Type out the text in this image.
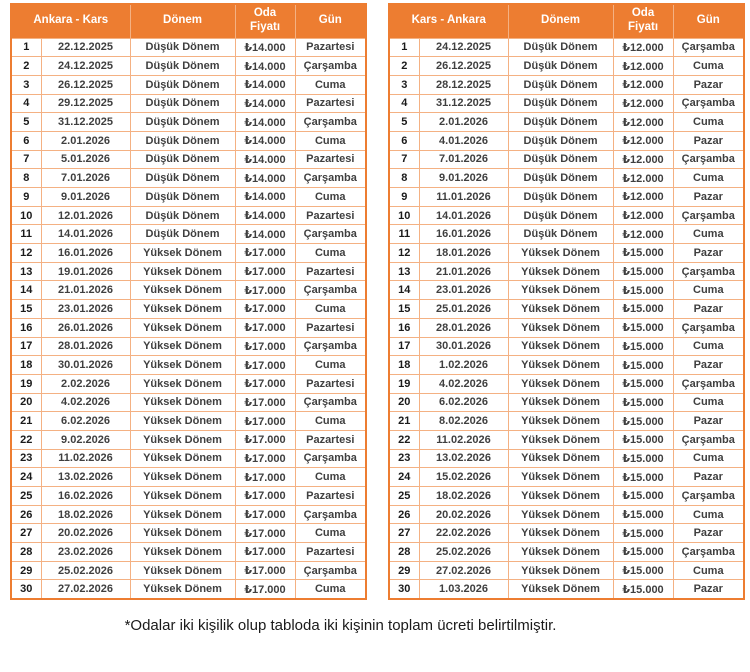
Ankara - Kars		Dönem	Oda Fiyatı	Gün
1	22.12.2025	Düşük Dönem	₺14.000	Pazartesi
2	24.12.2025	Düşük Dönem	₺14.000	Çarşamba
3	26.12.2025	Düşük Dönem	₺14.000	Cuma
4	29.12.2025	Düşük Dönem	₺14.000	Pazartesi
5	31.12.2025	Düşük Dönem	₺14.000	Çarşamba
6	2.01.2026	Düşük Dönem	₺14.000	Cuma
7	5.01.2026	Düşük Dönem	₺14.000	Pazartesi
8	7.01.2026	Düşük Dönem	₺14.000	Çarşamba
9	9.01.2026	Düşük Dönem	₺14.000	Cuma
10	12.01.2026	Düşük Dönem	₺14.000	Pazartesi
11	14.01.2026	Düşük Dönem	₺14.000	Çarşamba
12	16.01.2026	Yüksek Dönem	₺17.000	Cuma
13	19.01.2026	Yüksek Dönem	₺17.000	Pazartesi
14	21.01.2026	Yüksek Dönem	₺17.000	Çarşamba
15	23.01.2026	Yüksek Dönem	₺17.000	Cuma
16	26.01.2026	Yüksek Dönem	₺17.000	Pazartesi
17	28.01.2026	Yüksek Dönem	₺17.000	Çarşamba
18	30.01.2026	Yüksek Dönem	₺17.000	Cuma
19	2.02.2026	Yüksek Dönem	₺17.000	Pazartesi
20	4.02.2026	Yüksek Dönem	₺17.000	Çarşamba
21	6.02.2026	Yüksek Dönem	₺17.000	Cuma
22	9.02.2026	Yüksek Dönem	₺17.000	Pazartesi
23	11.02.2026	Yüksek Dönem	₺17.000	Çarşamba
24	13.02.2026	Yüksek Dönem	₺17.000	Cuma
25	16.02.2026	Yüksek Dönem	₺17.000	Pazartesi
26	18.02.2026	Yüksek Dönem	₺17.000	Çarşamba
27	20.02.2026	Yüksek Dönem	₺17.000	Cuma
28	23.02.2026	Yüksek Dönem	₺17.000	Pazartesi
29	25.02.2026	Yüksek Dönem	₺17.000	Çarşamba
30	27.02.2026	Yüksek Dönem	₺17.000	Cuma
Kars - Ankara		Dönem	Oda Fiyatı	Gün
1	24.12.2025	Düşük Dönem	₺12.000	Çarşamba
2	26.12.2025	Düşük Dönem	₺12.000	Cuma
3	28.12.2025	Düşük Dönem	₺12.000	Pazar
4	31.12.2025	Düşük Dönem	₺12.000	Çarşamba
5	2.01.2026	Düşük Dönem	₺12.000	Cuma
6	4.01.2026	Düşük Dönem	₺12.000	Pazar
7	7.01.2026	Düşük Dönem	₺12.000	Çarşamba
8	9.01.2026	Düşük Dönem	₺12.000	Cuma
9	11.01.2026	Düşük Dönem	₺12.000	Pazar
10	14.01.2026	Düşük Dönem	₺12.000	Çarşamba
11	16.01.2026	Düşük Dönem	₺12.000	Cuma
12	18.01.2026	Yüksek Dönem	₺15.000	Pazar
13	21.01.2026	Yüksek Dönem	₺15.000	Çarşamba
14	23.01.2026	Yüksek Dönem	₺15.000	Cuma
15	25.01.2026	Yüksek Dönem	₺15.000	Pazar
16	28.01.2026	Yüksek Dönem	₺15.000	Çarşamba
17	30.01.2026	Yüksek Dönem	₺15.000	Cuma
18	1.02.2026	Yüksek Dönem	₺15.000	Pazar
19	4.02.2026	Yüksek Dönem	₺15.000	Çarşamba
20	6.02.2026	Yüksek Dönem	₺15.000	Cuma
21	8.02.2026	Yüksek Dönem	₺15.000	Pazar
22	11.02.2026	Yüksek Dönem	₺15.000	Çarşamba
23	13.02.2026	Yüksek Dönem	₺15.000	Cuma
24	15.02.2026	Yüksek Dönem	₺15.000	Pazar
25	18.02.2026	Yüksek Dönem	₺15.000	Çarşamba
26	20.02.2026	Yüksek Dönem	₺15.000	Cuma
27	22.02.2026	Yüksek Dönem	₺15.000	Pazar
28	25.02.2026	Yüksek Dönem	₺15.000	Çarşamba
29	27.02.2026	Yüksek Dönem	₺15.000	Cuma
30	1.03.2026	Yüksek Dönem	₺15.000	Pazar
*Odalar iki kişilik olup tabloda iki kişinin toplam ücreti belirtilmiştir.
